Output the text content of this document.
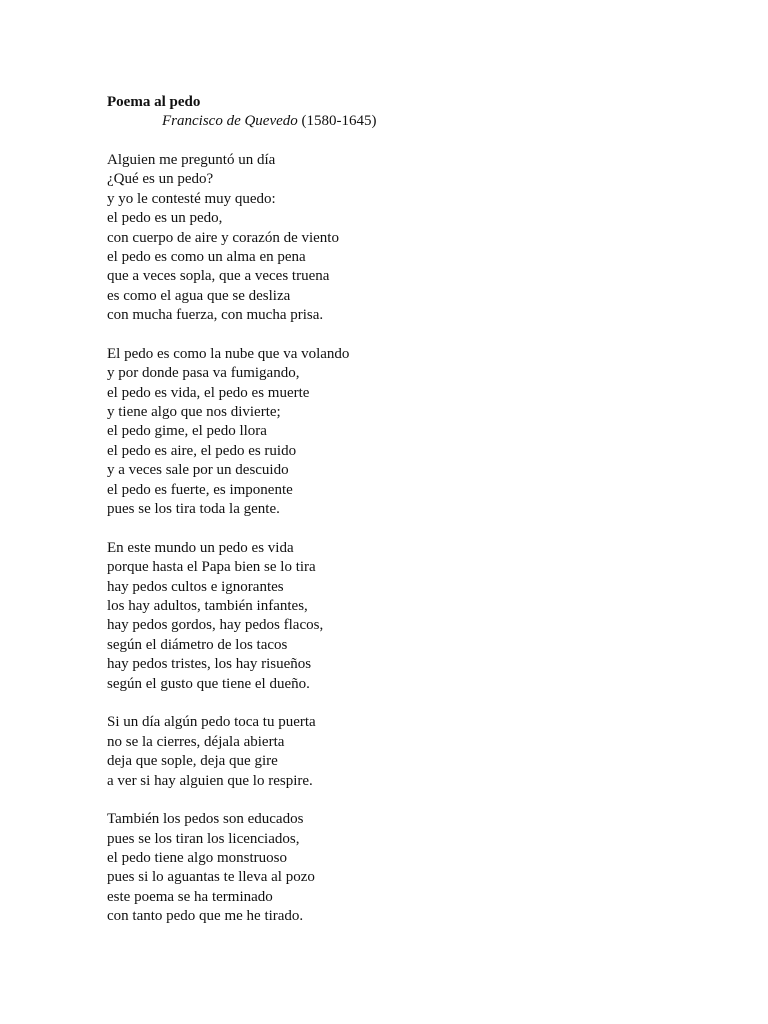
Poema al pedo
Francisco de Quevedo (1580-1645)
Alguien me preguntó un día
¿Qué es un pedo?
y yo le contesté muy quedo:
el pedo es un pedo,
con cuerpo de aire y corazón de viento
el pedo es como un alma en pena
que a veces sopla, que a veces truena
es como el agua que se desliza
con mucha fuerza, con mucha prisa.
El pedo es como la nube que va volando
y por donde pasa va fumigando,
el pedo es vida, el pedo es muerte
y tiene algo que nos divierte;
el pedo gime, el pedo llora
el pedo es aire, el pedo es ruido
y a veces sale por un descuido
el pedo es fuerte, es imponente
pues se los tira toda la gente.
En este mundo un pedo es vida
porque hasta el Papa bien se lo tira
hay pedos cultos e ignorantes
los hay adultos, también infantes,
hay pedos gordos, hay pedos flacos,
según el diámetro de los tacos
hay pedos tristes, los hay risueños
según el gusto que tiene el dueño.
Si un día algún pedo toca tu puerta
no se la cierres, déjala abierta
deja que sople, deja que gire
a ver si hay alguien que lo respire.
También los pedos son educados
pues se los tiran los licenciados,
el pedo tiene algo monstruoso
pues si lo aguantas te lleva al pozo
este poema se ha terminado
con tanto pedo que me he tirado.
